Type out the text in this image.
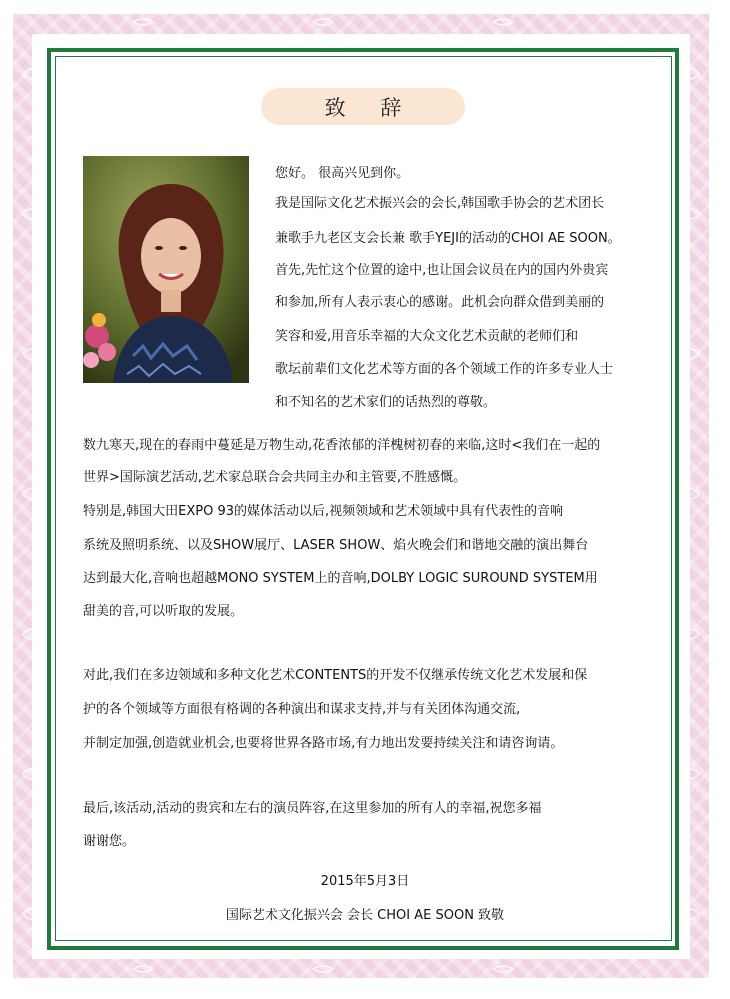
致 辞
您好。 很高兴见到你。
我是国际文化艺术振兴会的会长,韩国歌手协会的艺术团长
兼歌手九老区支会长兼 歌手YEJI的活动的CHOI AE SOON。
首先,先忙这个位置的途中,也让国会议员在内的国内外贵宾
和参加,所有人表示衷心的感谢。此机会向群众借到美丽的
笑容和爱,用音乐幸福的大众文化艺术贡献的老师们和
歌坛前辈们文化艺术等方面的各个领域工作的许多专业人士
和不知名的艺术家们的话热烈的尊敬。
数九寒天,现在的春雨中蔓延是万物生动,花香浓郁的洋槐树初春的来临,这时<我们在一起的
世界>国际演艺活动,艺术家总联合会共同主办和主管要,不胜感慨。
特别是,韩国大田EXPO 93的媒体活动以后,视频领域和艺术领域中具有代表性的音响
系统及照明系统、以及SHOW展厅、LASER SHOW、焰火晚会们和谐地交融的演出舞台
达到最大化,音响也超越MONO SYSTEM上的音响,DOLBY LOGIC SUROUND SYSTEM用
甜美的音,可以听取的发展。
对此,我们在多边领域和多种文化艺术CONTENTS的开发不仅继承传统文化艺术发展和保
护的各个领域等方面很有格调的各种演出和谋求支持,并与有关团体沟通交流,
并制定加强,创造就业机会,也要将世界各路市场,有力地出发要持续关注和请咨询请。
最后,该活动,活动的贵宾和左右的演员阵容,在这里参加的所有人的幸福,祝您多福
谢谢您。
2015年5月3日
国际艺术文化振兴会 会长 CHOI AE SOON 致敬
